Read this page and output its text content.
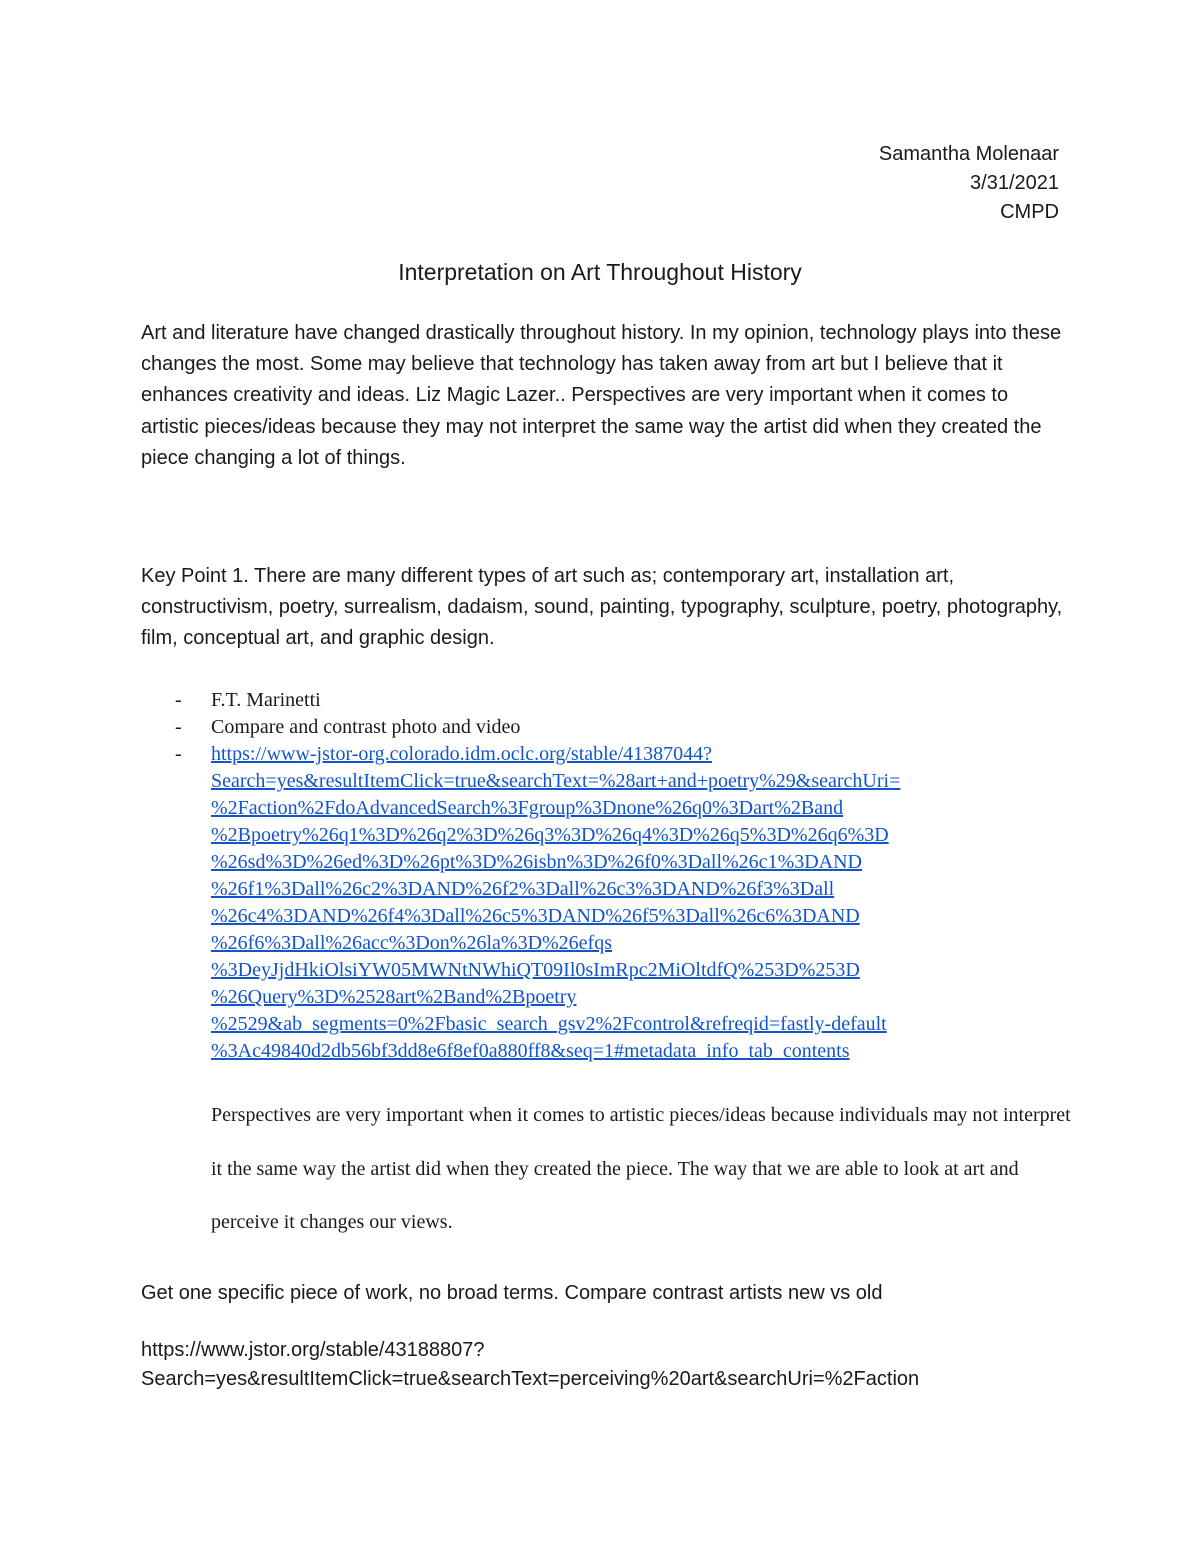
Samantha Molenaar
3/31/2021
CMPD
Interpretation on Art Throughout History

Art and literature have changed drastically throughout history. In my opinion, technology plays into these changes the most. Some may believe that technology has taken away from art but I believe that it enhances creativity and ideas. Liz Magic Lazer.. Perspectives are very important when it comes to artistic pieces/ideas because they may not interpret the same way the artist did when they created the piece changing a lot of things.

Key Point 1. There are many different types of art such as; contemporary art, installation art, constructivism, poetry, surrealism, dadaism, sound, painting, typography, sculpture, poetry, photography, film, conceptual art, and graphic design.

- F.T. Marinetti
- Compare and contrast photo and video
- https://www-jstor-org.colorado.idm.oclc.org/stable/41387044?
Search=yes&resultItemClick=true&searchText=%28art+and+poetry%29&searchUri=
%2Faction%2FdoAdvancedSearch%3Fgroup%3Dnone%26q0%3Dart%2Band
%2Bpoetry%26q1%3D%26q2%3D%26q3%3D%26q4%3D%26q5%3D%26q6%3D
%26sd%3D%26ed%3D%26pt%3D%26isbn%3D%26f0%3Dall%26c1%3DAND
%26f1%3Dall%26c2%3DAND%26f2%3Dall%26c3%3DAND%26f3%3Dall
%26c4%3DAND%26f4%3Dall%26c5%3DAND%26f5%3Dall%26c6%3DAND
%26f6%3Dall%26acc%3Don%26la%3D%26efqs
%3DeyJjdHkiOlsiYW05MWNtNWhiQT09Il0sImRpc2MiOltdfQ%253D%253D
%26Query%3D%2528art%2Band%2Bpoetry
%2529&ab_segments=0%2Fbasic_search_gsv2%2Fcontrol&refreqid=fastly-default
%3Ac49840d2db56bf3dd8e6f8ef0a880ff8&seq=1#metadata_info_tab_contents

Perspectives are very important when it comes to artistic pieces/ideas because individuals may not interpret it the same way the artist did when they created the piece. The way that we are able to look at art and perceive it changes our views.

Get one specific piece of work, no broad terms. Compare contrast artists new vs old

https://www.jstor.org/stable/43188807?
Search=yes&resultItemClick=true&searchText=perceiving%20art&searchUri=%2Faction
